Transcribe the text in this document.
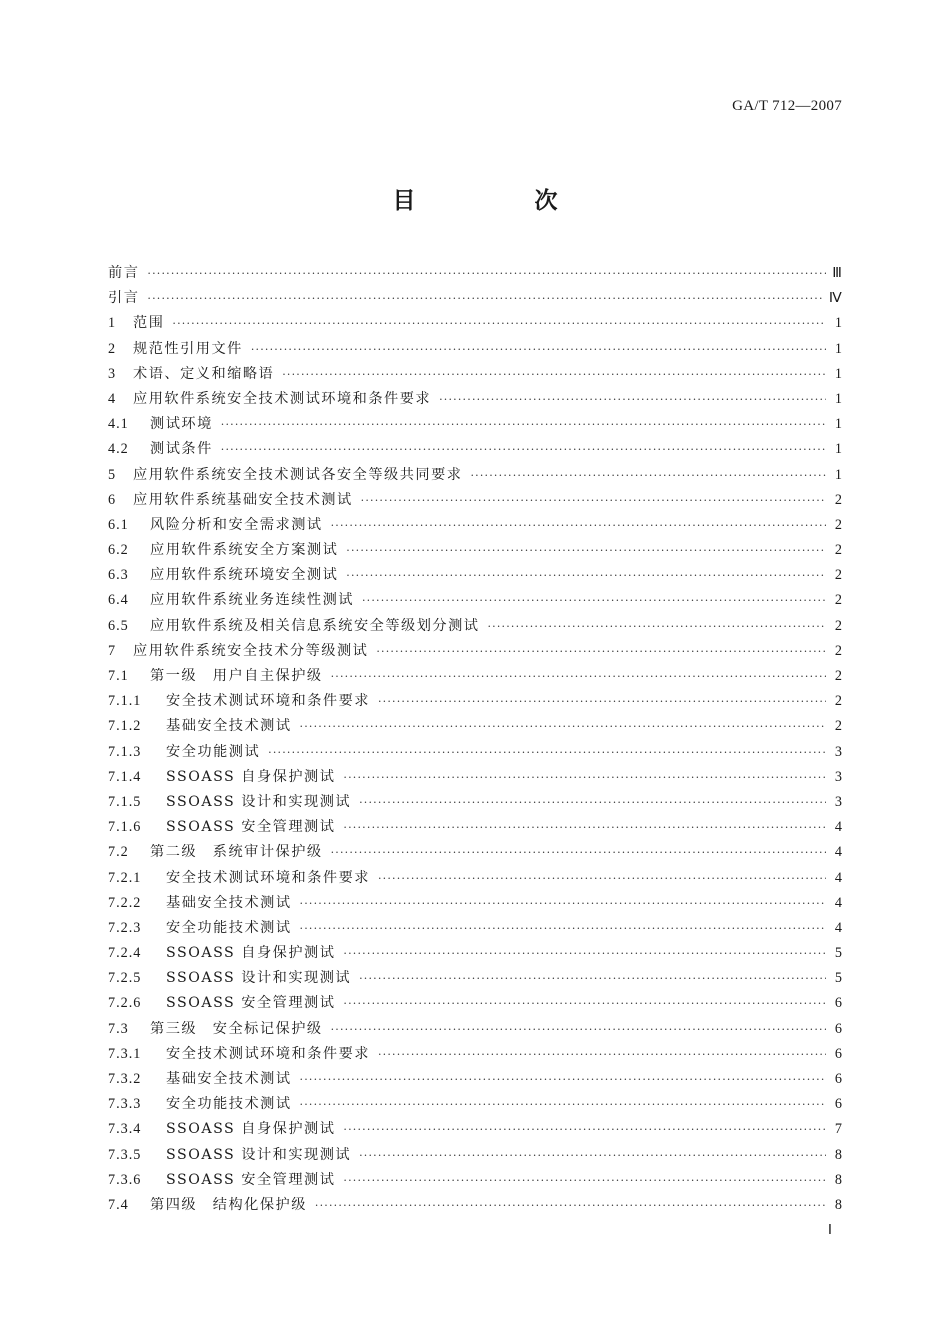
GA/T 712—2007
目　次
前言 ·····	Ⅲ
引言 ·····	Ⅳ
1	范围 ·····	1
2	规范性引用文件 ·····	1
3	术语、定义和缩略语 ·····	1
4	应用软件系统安全技术测试环境和条件要求 ·····	1
4.1	测试环境 ·····	1
4.2	测试条件 ·····	1
5	应用软件系统安全技术测试各安全等级共同要求 ·····	1
6	应用软件系统基础安全技术测试 ·····	2
6.1	风险分析和安全需求测试 ·····	2
6.2	应用软件系统安全方案测试 ·····	2
6.3	应用软件系统环境安全测试 ·····	2
6.4	应用软件系统业务连续性测试 ·····	2
6.5	应用软件系统及相关信息系统安全等级划分测试 ·····	2
7	应用软件系统安全技术分等级测试 ·····	2
7.1	第一级　用户自主保护级 ·····	2
7.1.1	安全技术测试环境和条件要求 ·····	2
7.1.2	基础安全技术测试 ·····	2
7.1.3	安全功能测试 ·····	3
7.1.4	SSOASS 自身保护测试 ·····	3
7.1.5	SSOASS 设计和实现测试 ·····	3
7.1.6	SSOASS 安全管理测试 ·····	4
7.2	第二级　系统审计保护级 ·····	4
7.2.1	安全技术测试环境和条件要求 ·····	4
7.2.2	基础安全技术测试 ·····	4
7.2.3	安全功能技术测试 ·····	4
7.2.4	SSOASS 自身保护测试 ·····	5
7.2.5	SSOASS 设计和实现测试 ·····	5
7.2.6	SSOASS 安全管理测试 ·····	6
7.3	第三级　安全标记保护级 ·····	6
7.3.1	安全技术测试环境和条件要求 ·····	6
7.3.2	基础安全技术测试 ·····	6
7.3.3	安全功能技术测试 ·····	6
7.3.4	SSOASS 自身保护测试 ·····	7
7.3.5	SSOASS 设计和实现测试 ·····	8
7.3.6	SSOASS 安全管理测试 ·····	8
7.4	第四级　结构化保护级 ·····	8
Ⅰ
